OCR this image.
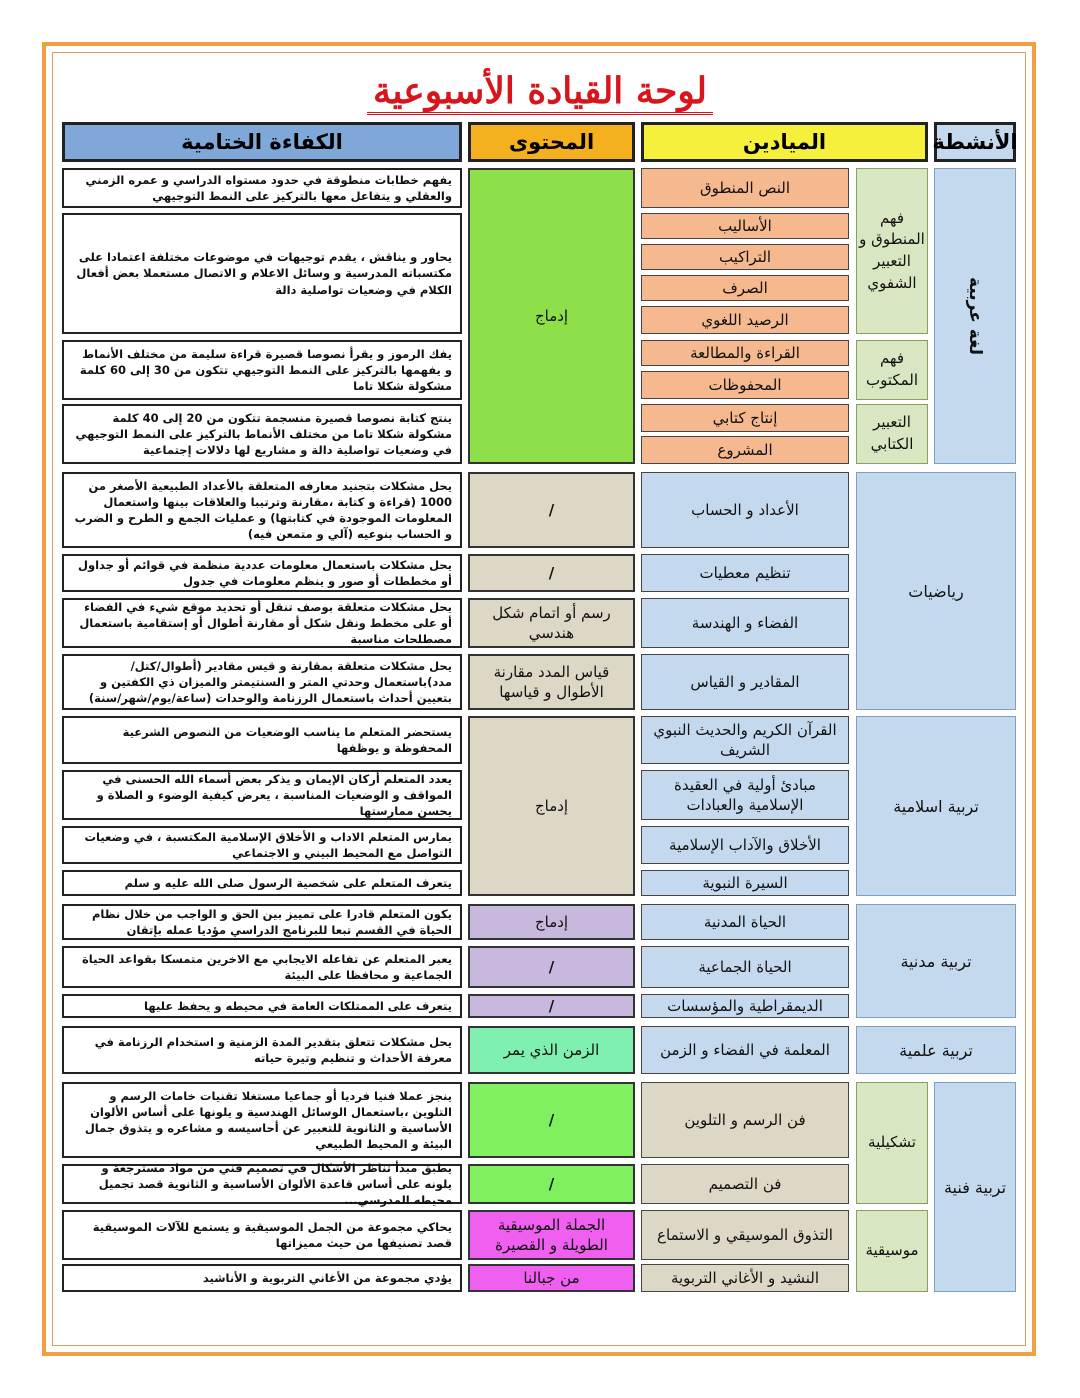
لوحة القيادة الأسبوعية
الأنشطة
الميادين
المحتوى
الكفاءة الختامية
لغة عربية
رياضيات
تربية اسلامية
تربية مدنية
تربية علمية
تربية فنية
فهم المنطوق و التعبير الشفوي
فهم المكتوب
التعبير الكتابي
تشكيلية
موسيقية
النص المنطوق
الأساليب
التراكيب
الصرف
الرصيد اللغوي
القراءة والمطالعة
المحفوظات
إنتاج كتابي
المشروع
الأعداد و الحساب
تنظيم معطيات
الفضاء و الهندسة
المقادير و القياس
القرآن الكريم والحديث النبوي الشريف
مبادئ أولية في العقيدة الإسلامية والعبادات
الأخلاق والآداب الإسلامية
السيرة النبوية
الحياة المدنية
الحياة الجماعية
الديمقراطية والمؤسسات
المعلمة في الفضاء و الزمن
فن الرسم و التلوين
فن التصميم
التذوق الموسيقي و الاستماع
النشيد و الأغاني التربوية
إدماج
/
/
رسم أو اتمام شكل هندسي
قياس المدد مقارنة الأطوال و قياسها
إدماج
إدماج
/
/
الزمن الذي يمر
/
/
الجملة الموسيقية الطويلة و القصيرة
من جبالنا
يفهم خطابات منطوقة في حدود مستواه الدراسي و عمره الزمني والعقلي و يتفاعل معها بالتركيز على النمط التوجيهي
يحاور و يناقش ، يقدم توجيهات في موضوعات مختلفة اعتمادا على مكتسباته المدرسية و وسائل الاعلام و الاتصال مستعملا بعض أفعال الكلام في وضعيات تواصلية دالة
يفك الرموز و يقرأ نصوصا قصيرة قراءة سليمة من مختلف الأنماط و يفهمها بالتركيز على النمط التوجيهي تتكون من 30 إلى 60 كلمة مشكولة شكلا تاما
ينتج كتابة نصوصا قصيرة منسجمة تتكون من 20 إلى 40 كلمة مشكولة شكلا تاما من مختلف الأنماط بالتركيز على النمط التوجيهي في وضعيات تواصلية دالة و مشاريع لها دلالات إجتماعية
يحل مشكلات بتجنيد معارفه المتعلقة بالأعداد الطبيعية الأصغر من 1000 (قراءة و كتابة ،مقارنة وترتيبا والعلاقات بينها واستعمال المعلومات الموجودة في كتابتها) و عمليات الجمع و الطرح و الضرب و الحساب بنوعيه (آلي و متمعن فيه)
يحل مشكلات باستعمال معلومات عددية منظمة في قوائم أو جداول أو مخططات أو صور و ينظم معلومات في جدول
يحل مشكلات متعلقة بوصف تنقل أو تحديد موقع شيء في الفضاء أو على مخطط ونقل شكل أو مقارنة أطوال أو إستقامية باستعمال مصطلحات مناسبة
يحل مشكلات متعلقة بمقارنة و قيس مقادير (أطوال/كتل/مدد)باستعمال وحدتي المتر و السنتيمتر والميزان ذي الكفتين و بتعيين أحداث باستعمال الرزنامة والوحدات (ساعة/يوم/شهر/سنة)
يستحضر المتعلم ما يناسب الوضعيات من النصوص الشرعية المحفوظة و يوظفها
يعدد المتعلم أركان الإيمان و يذكر بعض أسماء الله الحسنى في المواقف و الوضعيات المناسبة ، يعرض كيفية الوضوء و الصلاة و يحسن ممارستها
يمارس المتعلم الاداب و الأخلاق الإسلامية المكتسبة ، في وضعيات التواصل مع المحيط البيني و الاجتماعي
يتعرف المتعلم على شخصية الرسول صلى الله عليه و سلم
يكون المتعلم قادرا على تمييز بين الحق و الواجب من خلال نظام الحياة في القسم تبعا للبرنامج الدراسي مؤديا عمله بإتقان
يعبر المتعلم عن تفاعله الايجابي مع الاخرين متمسكا بقواعد الحياة الجماعية و محافظا على البيئة
يتعرف على الممتلكات العامة في محيطه و يحفظ عليها
يحل مشكلات تتعلق بتقدير المدة الزمنية و استخدام الرزنامة في معرفة الأحداث و تنظيم وتيرة حياته
ينجز عملا فنيا فرديا أو جماعيا مستغلا تقنيات خامات الرسم و التلوين ،باستعمال الوسائل الهندسية و يلونها على أساس الألوان الأساسية و الثانوية للتعبير عن أحاسيسه و مشاعره و يتذوق جمال البيئة و المحيط الطبيعي
يطبق مبدأ تناظر الأشكال في تصميم فني من مواد مسترجعة و يلونه على أساس قاعدة الألوان الأساسية و الثانوية قصد تجميل محيطه المدرسي...
يحاكي مجموعة من الجمل الموسيقية و يستمع للآلات الموسيقية قصد تصنيفها من حيث مميزاتها
يؤدي مجموعة من الأغاني التربوية و الأناشيد
